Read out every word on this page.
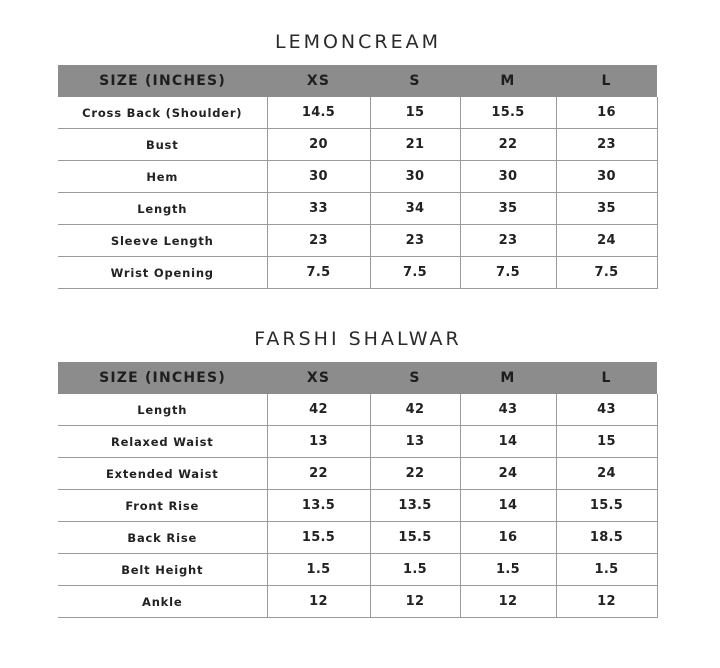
LEMONCREAM
SIZE (INCHES)	XS	S	M	L
Cross Back (Shoulder)	14.5	15	15.5	16
Bust	20	21	22	23
Hem	30	30	30	30
Length	33	34	35	35
Sleeve Length	23	23	23	24
Wrist Opening	7.5	7.5	7.5	7.5
FARSHI SHALWAR
SIZE (INCHES)	XS	S	M	L
Length	42	42	43	43
Relaxed Waist	13	13	14	15
Extended Waist	22	22	24	24
Front Rise	13.5	13.5	14	15.5
Back Rise	15.5	15.5	16	18.5
Belt Height	1.5	1.5	1.5	1.5
Ankle	12	12	12	12
